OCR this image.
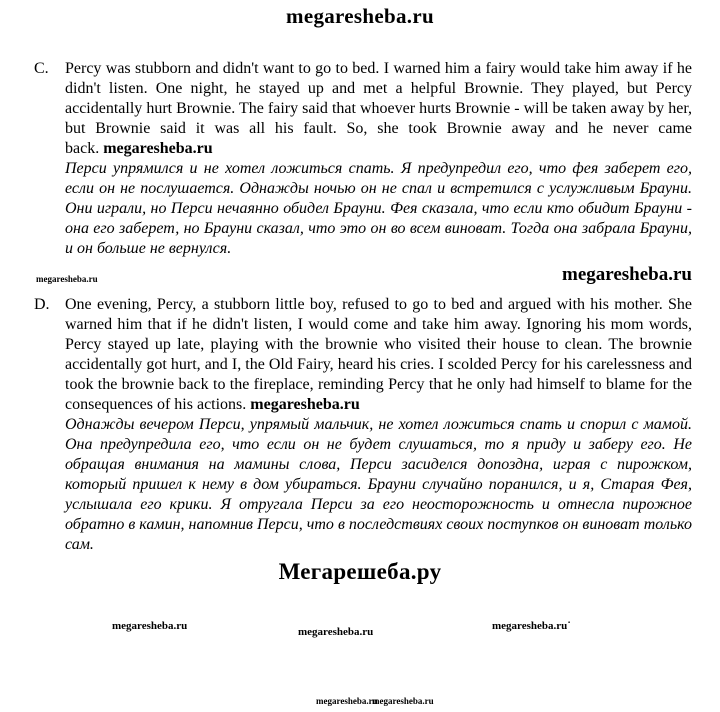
megaresheba.ru
C.	Percy was stubborn and didn't want to go to bed. I warned him a fairy would take him away if he didn't listen. One night, he stayed up and met a helpful Brownie. They played, but Percy accidentally hurt Brownie. The fairy said that whoever hurts Brownie - will be taken away by her, but Brownie said it was all his fault. So, she took Brownie away and he never came back. megaresheba.ru

Перси упрямился и не хотел ложиться спать. Я предупредил его, что фея заберет его, если он не послушается. Однажды ночью он не спал и встретился с услужливым Брауни. Они играли, но Перси нечаянно обидел Брауни. Фея сказала, что если кто обидит Брауни - она его заберет, но Брауни сказал, что это он во всем виноват. Тогда она забрала Брауни, и он больше не вернулся.

megaresheba.ru	megaresheba.ru
D. One evening, Percy, a stubborn little boy, refused to go to bed and argued with his mother. She warned him that if he didn't listen, I would come and take him away. Ignoring his mom words, Percy stayed up late, playing with the brownie who visited their house to clean. The brownie accidentally got hurt, and I, the Old Fairy, heard his cries. I scolded Percy for his carelessness and took the brownie back to the fireplace, reminding Percy that he only had himself to blame for the consequences of his actions. megaresheba.ru

Однажды вечером Перси, упрямый мальчик, не хотел ложиться спать и спорил с мамой. Она предупредила его, что если он не будет слушаться, то я приду и заберу его. Не обращая внимания на мамины слова, Перси засиделся допоздна, играя с пирожком, который пришел к нему в дом убираться. Брауни случайно поранился, и я, Старая Фея, услышала его крики. Я отругала Перси за его неосторожность и отнесла пирожное обратно в камин, напомнив Перси, что в последствиях своих поступков он виноват только сам.

Мегарешеба.ру
megaresheba.ru	megaresheba.ru	megaresheba.ru˙
megaresheba.ru
megaresheba.ru
